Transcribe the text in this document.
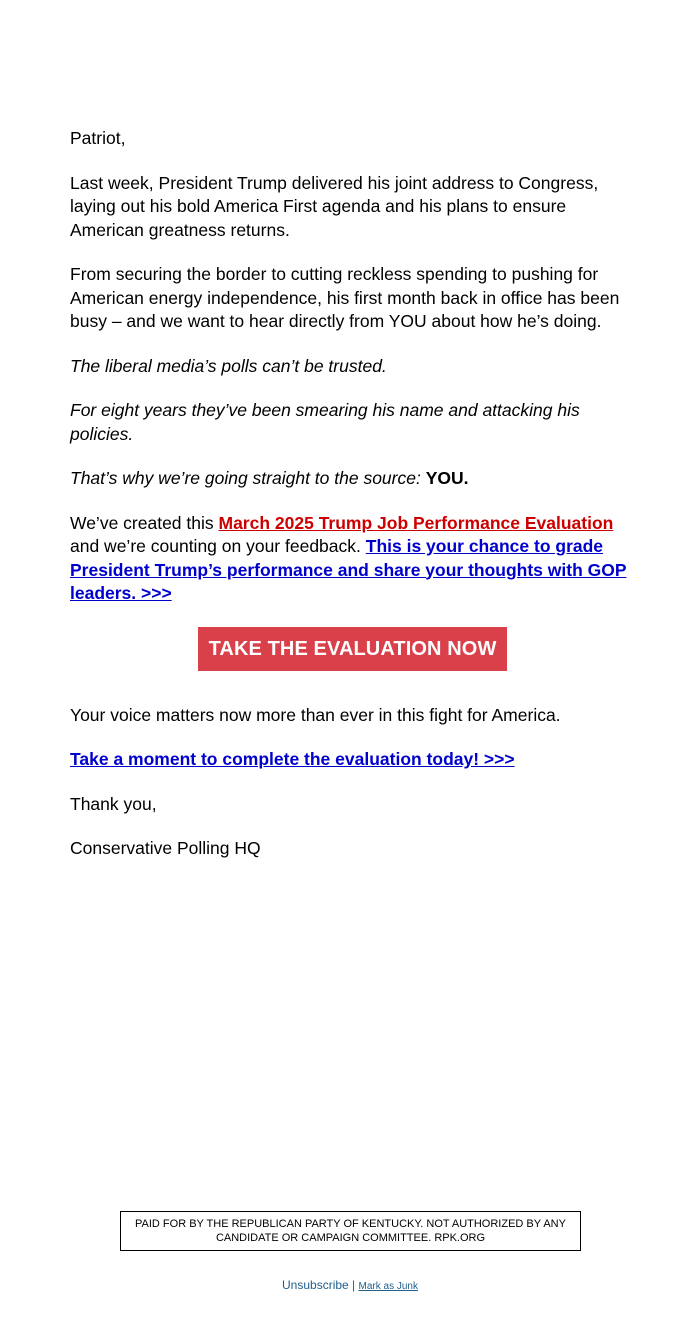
Patriot,

Last week, President Trump delivered his joint address to Congress, laying out his bold America First agenda and his plans to ensure American greatness returns.

From securing the border to cutting reckless spending to pushing for American energy independence, his first month back in office has been busy – and we want to hear directly from YOU about how he’s doing.

The liberal media’s polls can’t be trusted.

For eight years they’ve been smearing his name and attacking his policies.

That’s why we’re going straight to the source: YOU.

We’ve created this March 2025 Trump Job Performance Evaluation and we’re counting on your feedback. This is your chance to grade President Trump’s performance and share your thoughts with GOP leaders. >>>

TAKE THE EVALUATION NOW

Your voice matters now more than ever in this fight for America.

Take a moment to complete the evaluation today! >>>

Thank you,

Conservative Polling HQ

PAID FOR BY THE REPUBLICAN PARTY OF KENTUCKY. NOT AUTHORIZED BY ANY CANDIDATE OR CAMPAIGN COMMITTEE. RPK.ORG
Unsubscribe | Mark as Junk
